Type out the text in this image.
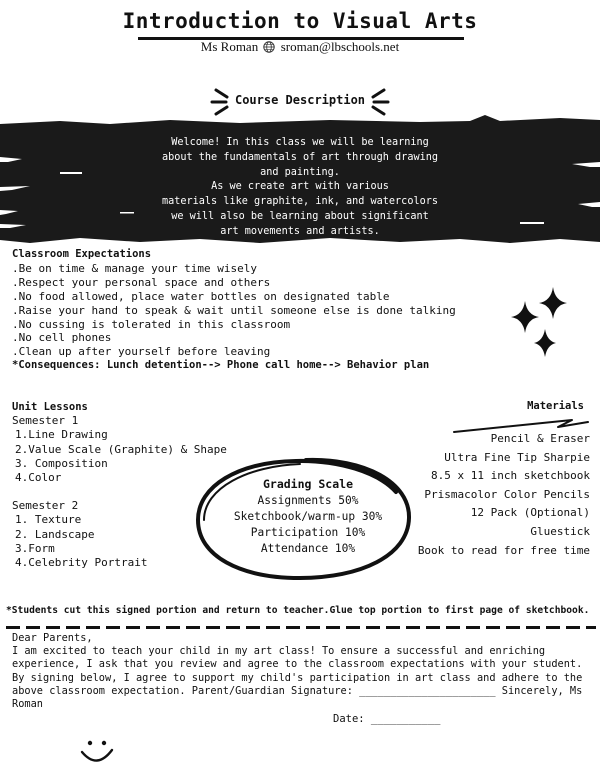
Introduction to Visual Arts
Ms Roman sroman@lbschools.net
Course Description
Welcome! In this class we will be learning
about the fundamentals of art through drawing
and painting.
As we create art with various
materials like graphite, ink, and watercolors
we will also be learning about significant
art movements and artists.
Classroom Expectations
.Be on time & manage your time wisely
.Respect your personal space and others
.No food allowed, place water bottles on designated table
.Raise your hand to speak & wait until someone else is done talking
.No cussing is tolerated in this classroom
.No cell phones
.Clean up after yourself before leaving
*Consequences: Lunch detention--> Phone call home--> Behavior plan
Unit Lessons
Semester 1
1.Line Drawing
2.Value Scale (Graphite) & Shape
3. Composition
4.Color
Semester 2
1. Texture
2. Landscape
3.Form
4.Celebrity Portrait
Grading Scale
Assignments 50%
Sketchbook/warm-up 30%
Participation 10%
Attendance 10%
Materials
Pencil & Eraser
Ultra Fine Tip Sharpie
8.5 x 11 inch sketchbook
Prismacolor Color Pencils
12 Pack (Optional)
Gluestick
Book to read for free time
*Students cut this signed portion and return to teacher.Glue top portion to first page of sketchbook.
Dear Parents,
I am excited to teach your child in my art class! To ensure a successful and enriching experience, I ask that you review and agree to the classroom expectations with your student. By signing below, I agree to support my child's participation in art class and adhere to the above classroom expectation. Parent/Guardian Signature: ______________________ Sincerely, Ms Roman
Date: ___________
